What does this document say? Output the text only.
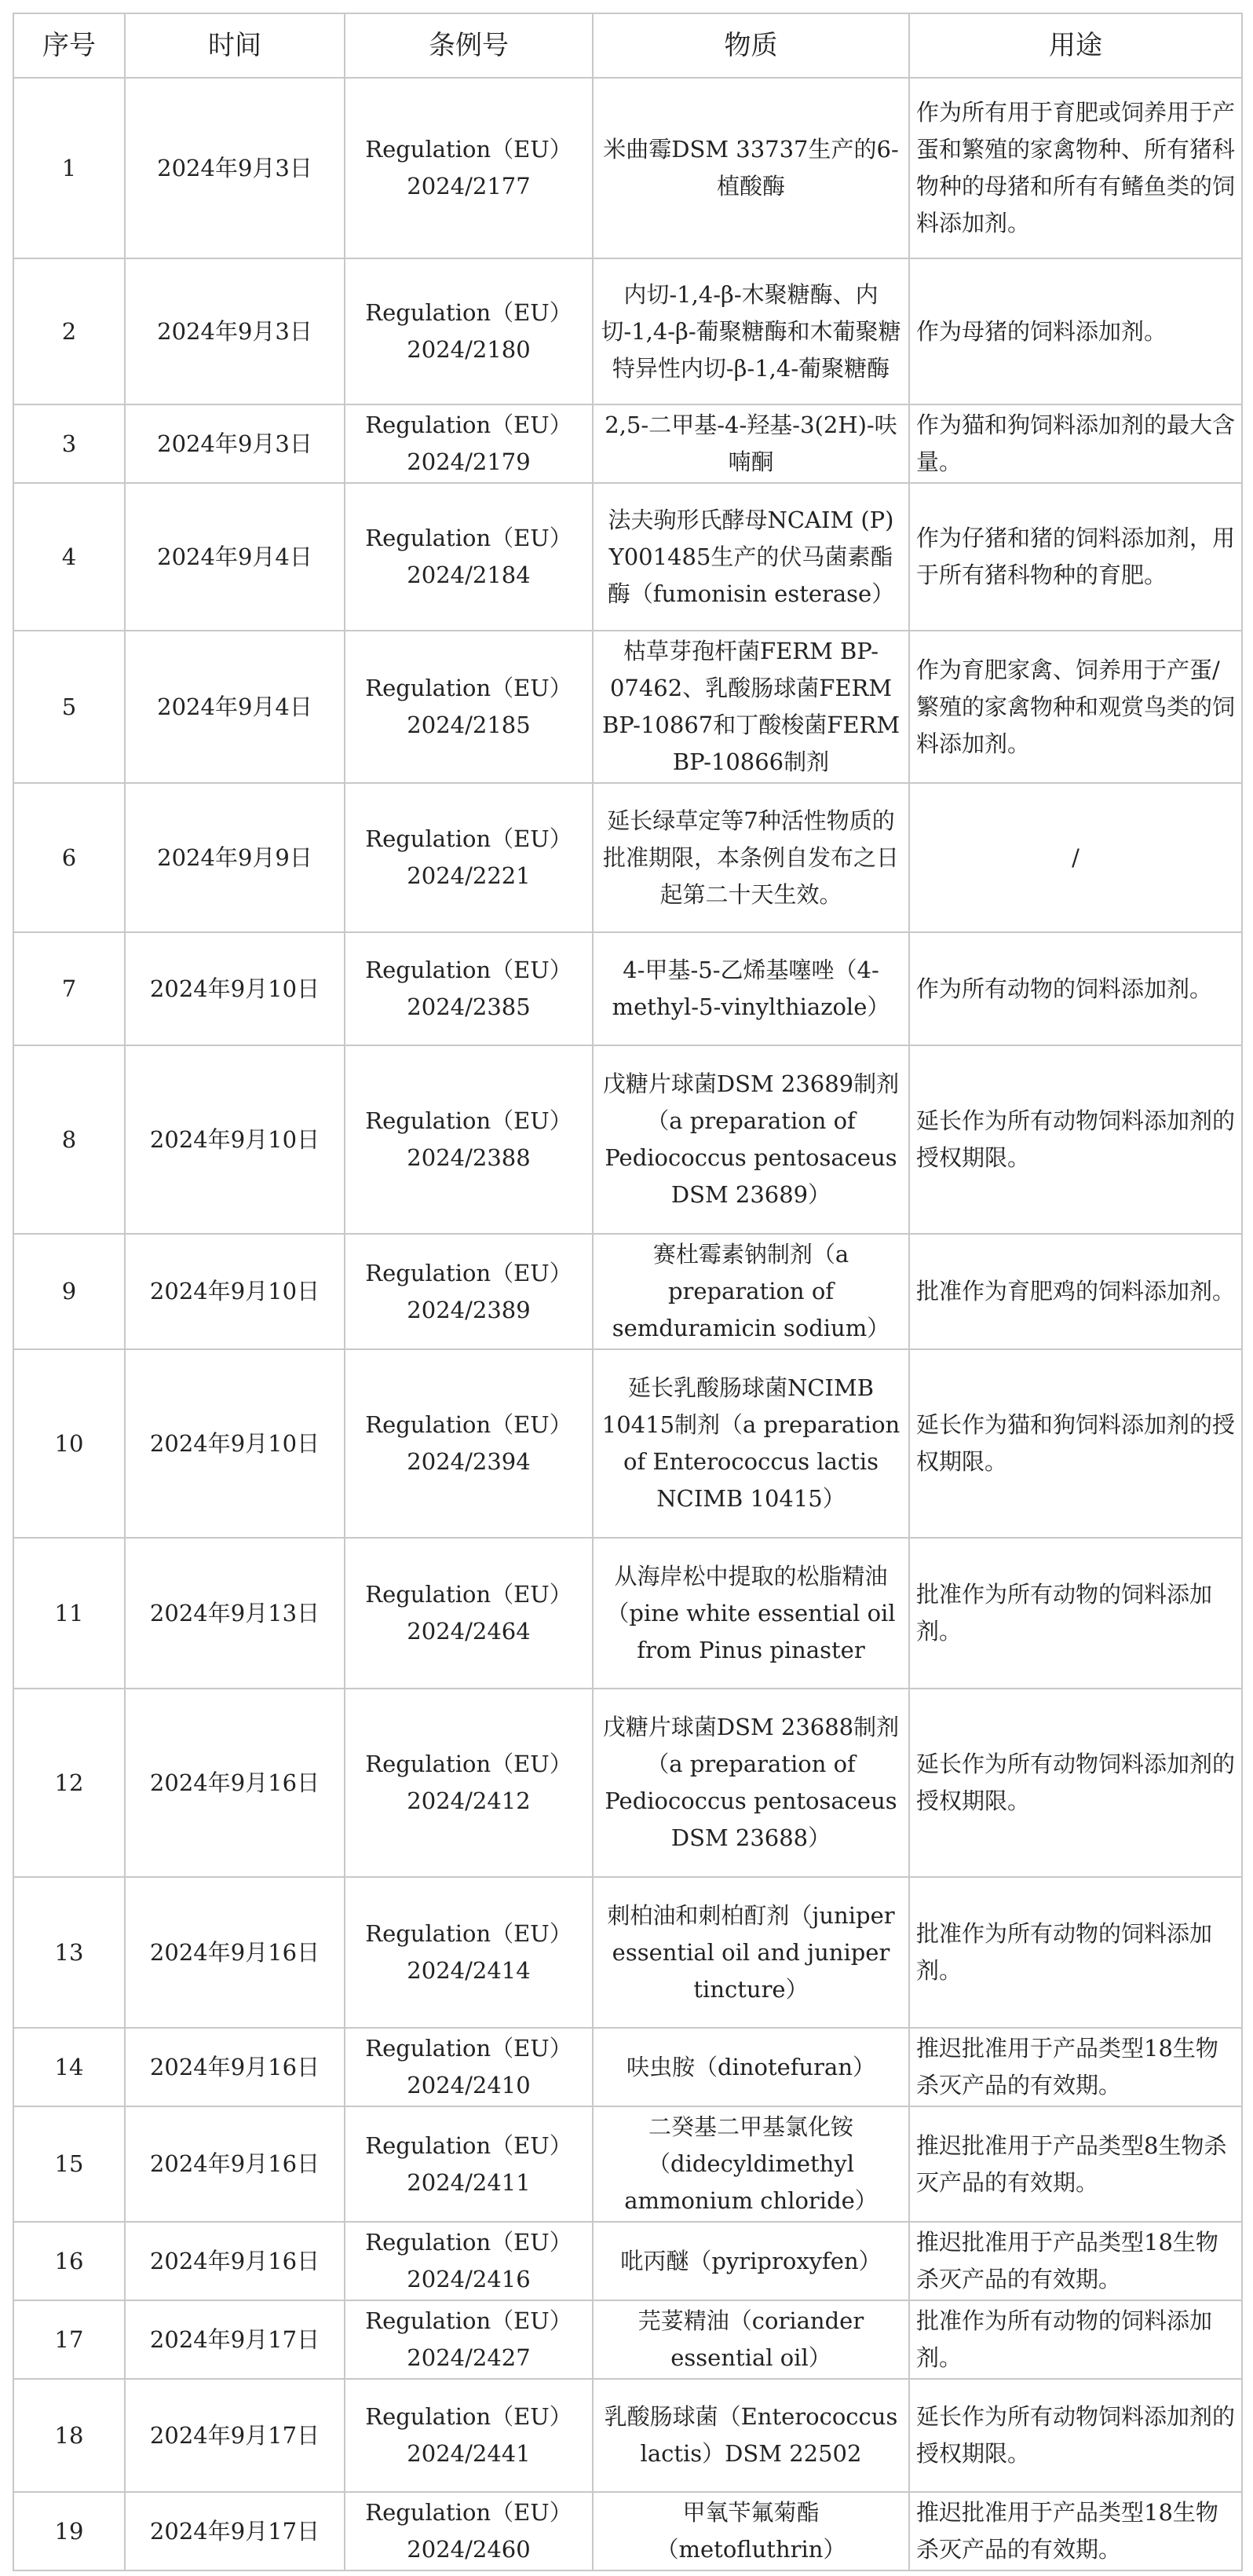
序号	时间	条例号	物质	用途
1	2024年9月3日	Regulation（EU）2024/2177	米曲霉DSM 33737生产的6-植酸酶	作为所有用于育肥或饲养用于产蛋和繁殖的家禽物种、所有猪科物种的母猪和所有有鳍鱼类的饲料添加剂。
2	2024年9月3日	Regulation（EU）2024/2180	内切-1,4-β-木聚糖酶、内切-1,4-β-葡聚糖酶和木葡聚糖特异性内切-β-1,4-葡聚糖酶	作为母猪的饲料添加剂。
3	2024年9月3日	Regulation（EU）2024/2179	2,5-二甲基-4-羟基-3(2H)-呋喃酮	作为猫和狗饲料添加剂的最大含量。
4	2024年9月4日	Regulation（EU）2024/2184	法夫驹形氏酵母NCAIM (P) Y001485生产的伏马菌素酯酶（fumonisin esterase）	作为仔猪和猪的饲料添加剂，用于所有猪科物种的育肥。
5	2024年9月4日	Regulation（EU）2024/2185	枯草芽孢杆菌FERM BP-07462、乳酸肠球菌FERM BP-10867和丁酸梭菌FERM BP-10866制剂	作为育肥家禽、饲养用于产蛋/繁殖的家禽物种和观赏鸟类的饲料添加剂。
6	2024年9月9日	Regulation（EU）2024/2221	延长绿草定等7种活性物质的批准期限，本条例自发布之日起第二十天生效。	/
7	2024年9月10日	Regulation（EU）2024/2385	4-甲基-5-乙烯基噻唑（4-methyl-5-vinylthiazole）	作为所有动物的饲料添加剂。
8	2024年9月10日	Regulation（EU）2024/2388	戊糖片球菌DSM 23689制剂（a preparation of Pediococcus pentosaceus DSM 23689）	延长作为所有动物饲料添加剂的授权期限。
9	2024年9月10日	Regulation（EU）2024/2389	赛杜霉素钠制剂（a preparation of semduramicin sodium）	批准作为育肥鸡的饲料添加剂。
10	2024年9月10日	Regulation（EU）2024/2394	延长乳酸肠球菌NCIMB 10415制剂（a preparation of Enterococcus lactis NCIMB 10415）	延长作为猫和狗饲料添加剂的授权期限。
11	2024年9月13日	Regulation（EU）2024/2464	从海岸松中提取的松脂精油（pine white essential oil from Pinus pinaster	批准作为所有动物的饲料添加剂。
12	2024年9月16日	Regulation（EU）2024/2412	戊糖片球菌DSM 23688制剂（a preparation of Pediococcus pentosaceus DSM 23688）	延长作为所有动物饲料添加剂的授权期限。
13	2024年9月16日	Regulation（EU）2024/2414	刺柏油和刺柏酊剂（juniper essential oil and juniper tincture）	批准作为所有动物的饲料添加剂。
14	2024年9月16日	Regulation（EU）2024/2410	呋虫胺（dinotefuran）	推迟批准用于产品类型18生物杀灭产品的有效期。
15	2024年9月16日	Regulation（EU）2024/2411	二癸基二甲基氯化铵（didecyldimethyl ammonium chloride）	推迟批准用于产品类型8生物杀灭产品的有效期。
16	2024年9月16日	Regulation（EU）2024/2416	吡丙醚（pyriproxyfen）	推迟批准用于产品类型18生物杀灭产品的有效期。
17	2024年9月17日	Regulation（EU）2024/2427	芫荽精油（coriander essential oil）	批准作为所有动物的饲料添加剂。
18	2024年9月17日	Regulation（EU）2024/2441	乳酸肠球菌（Enterococcus lactis）DSM 22502	延长作为所有动物饲料添加剂的授权期限。
19	2024年9月17日	Regulation（EU）2024/2460	甲氧苄氟菊酯（metofluthrin）	推迟批准用于产品类型18生物杀灭产品的有效期。
